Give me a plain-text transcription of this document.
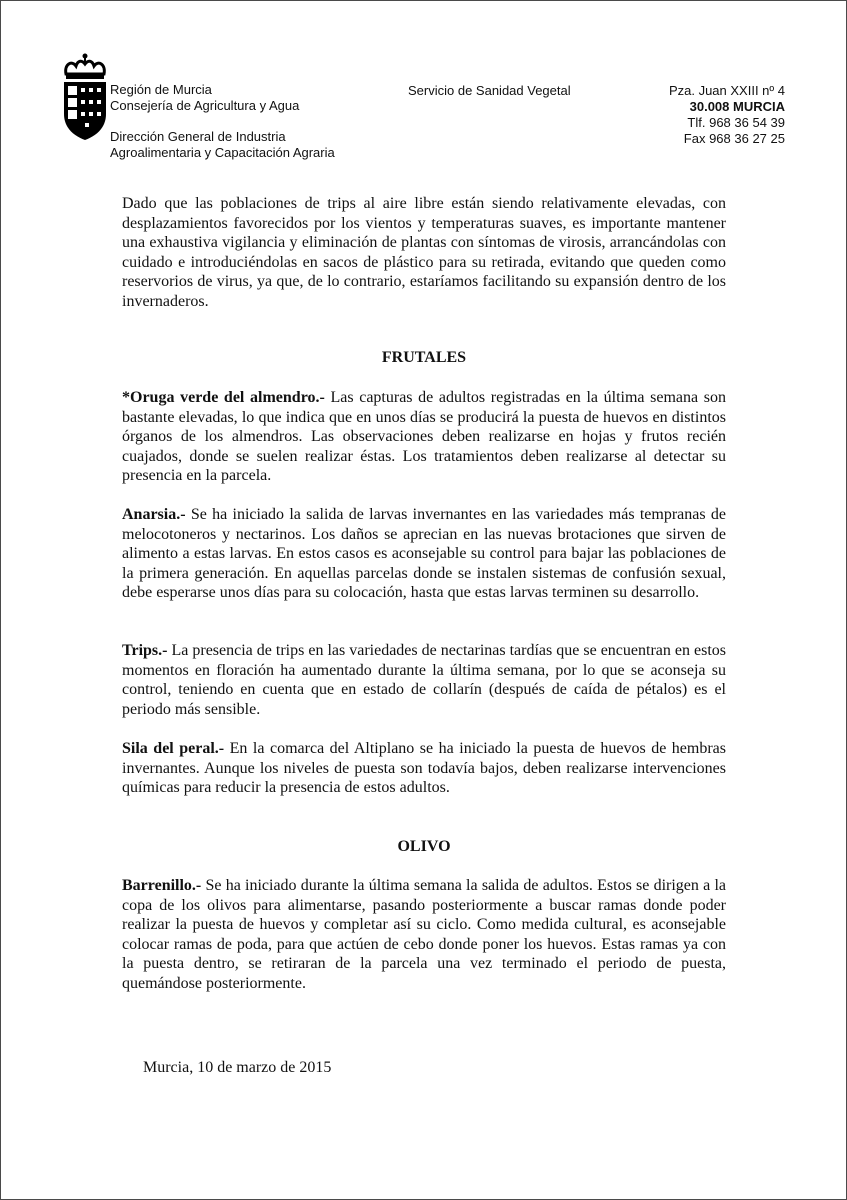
Región de Murcia
Consejería de Agricultura y Agua
Dirección General de Industria
Agroalimentaria y Capacitación Agraria
Servicio de Sanidad Vegetal	Pza. Juan XXIII nº 4
30.008 MURCIA
Tlf. 968 36 54 39
Fax 968 36 27 25
Dado que las poblaciones de trips al aire libre están siendo relativamente elevadas, con desplazamientos favorecidos por los vientos y temperaturas suaves, es importante mantener una exhaustiva vigilancia y eliminación de plantas con síntomas de virosis, arrancándolas con cuidado e introduciéndolas en sacos de plástico para su retirada, evitando que queden como reservorios de virus, ya que, de lo contrario, estaríamos facilitando su expansión dentro de los invernaderos.
FRUTALES
*Oruga verde del almendro.- Las capturas de adultos registradas en la última semana son bastante elevadas, lo que indica que en unos días se producirá la puesta de huevos en distintos órganos de los almendros. Las observaciones deben realizarse en hojas y frutos recién cuajados, donde se suelen realizar éstas. Los tratamientos deben realizarse al detectar su presencia en la parcela.
Anarsia.- Se ha iniciado la salida de larvas invernantes en las variedades más tempranas de melocotoneros y nectarinos. Los daños se aprecian en las nuevas brotaciones que sirven de alimento a estas larvas. En estos casos es aconsejable su control para bajar las poblaciones de la primera generación. En aquellas parcelas donde se instalen sistemas de confusión sexual, debe esperarse unos días para su colocación, hasta que estas larvas terminen su desarrollo.
Trips.- La presencia de trips en las variedades de nectarinas tardías que se encuentran en estos momentos en floración ha aumentado durante la última semana, por lo que se aconseja su control, teniendo en cuenta que en estado de collarín (después de caída de pétalos) es el periodo más sensible.
Sila del peral.- En la comarca del Altiplano se ha iniciado la puesta de huevos de hembras invernantes. Aunque los niveles de puesta son todavía bajos, deben realizarse intervenciones químicas para reducir la presencia de estos adultos.
OLIVO
Barrenillo.- Se ha iniciado durante la última semana la salida de adultos. Estos se dirigen a la copa de los olivos para alimentarse, pasando posteriormente a buscar ramas donde poder realizar la puesta de huevos y completar así su ciclo. Como medida cultural, es aconsejable colocar ramas de poda, para que actúen de cebo donde poner los huevos. Estas ramas ya con la puesta dentro, se retiraran de la parcela una vez terminado el periodo de puesta, quemándose posteriormente.
Murcia, 10 de marzo de 2015
